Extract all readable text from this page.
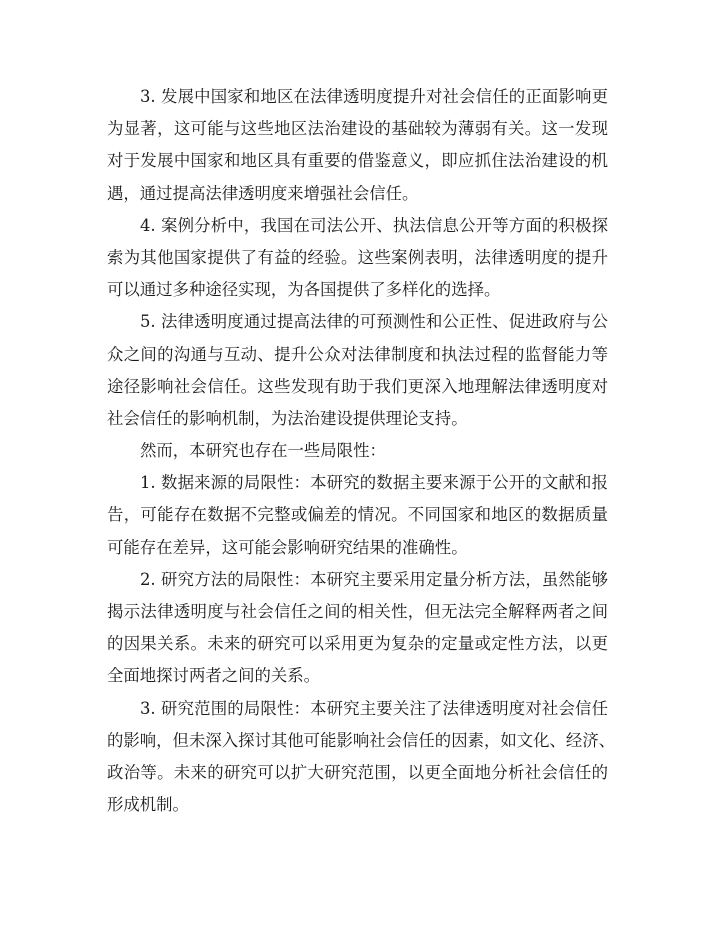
3. 发展中国家和地区在法律透明度提升对社会信任的正面影响更
为显著，这可能与这些地区法治建设的基础较为薄弱有关。这一发现
对于发展中国家和地区具有重要的借鉴意义，即应抓住法治建设的机
遇，通过提高法律透明度来增强社会信任。
4. 案例分析中，我国在司法公开、执法信息公开等方面的积极探
索为其他国家提供了有益的经验。这些案例表明，法律透明度的提升
可以通过多种途径实现，为各国提供了多样化的选择。
5. 法律透明度通过提高法律的可预测性和公正性、促进政府与公
众之间的沟通与互动、提升公众对法律制度和执法过程的监督能力等
途径影响社会信任。这些发现有助于我们更深入地理解法律透明度对
社会信任的影响机制，为法治建设提供理论支持。
然而，本研究也存在一些局限性：
1. 数据来源的局限性：本研究的数据主要来源于公开的文献和报
告，可能存在数据不完整或偏差的情况。不同国家和地区的数据质量
可能存在差异，这可能会影响研究结果的准确性。
2. 研究方法的局限性：本研究主要采用定量分析方法，虽然能够
揭示法律透明度与社会信任之间的相关性，但无法完全解释两者之间
的因果关系。未来的研究可以采用更为复杂的定量或定性方法，以更
全面地探讨两者之间的关系。
3. 研究范围的局限性：本研究主要关注了法律透明度对社会信任
的影响，但未深入探讨其他可能影响社会信任的因素，如文化、经济、
政治等。未来的研究可以扩大研究范围，以更全面地分析社会信任的
形成机制。
